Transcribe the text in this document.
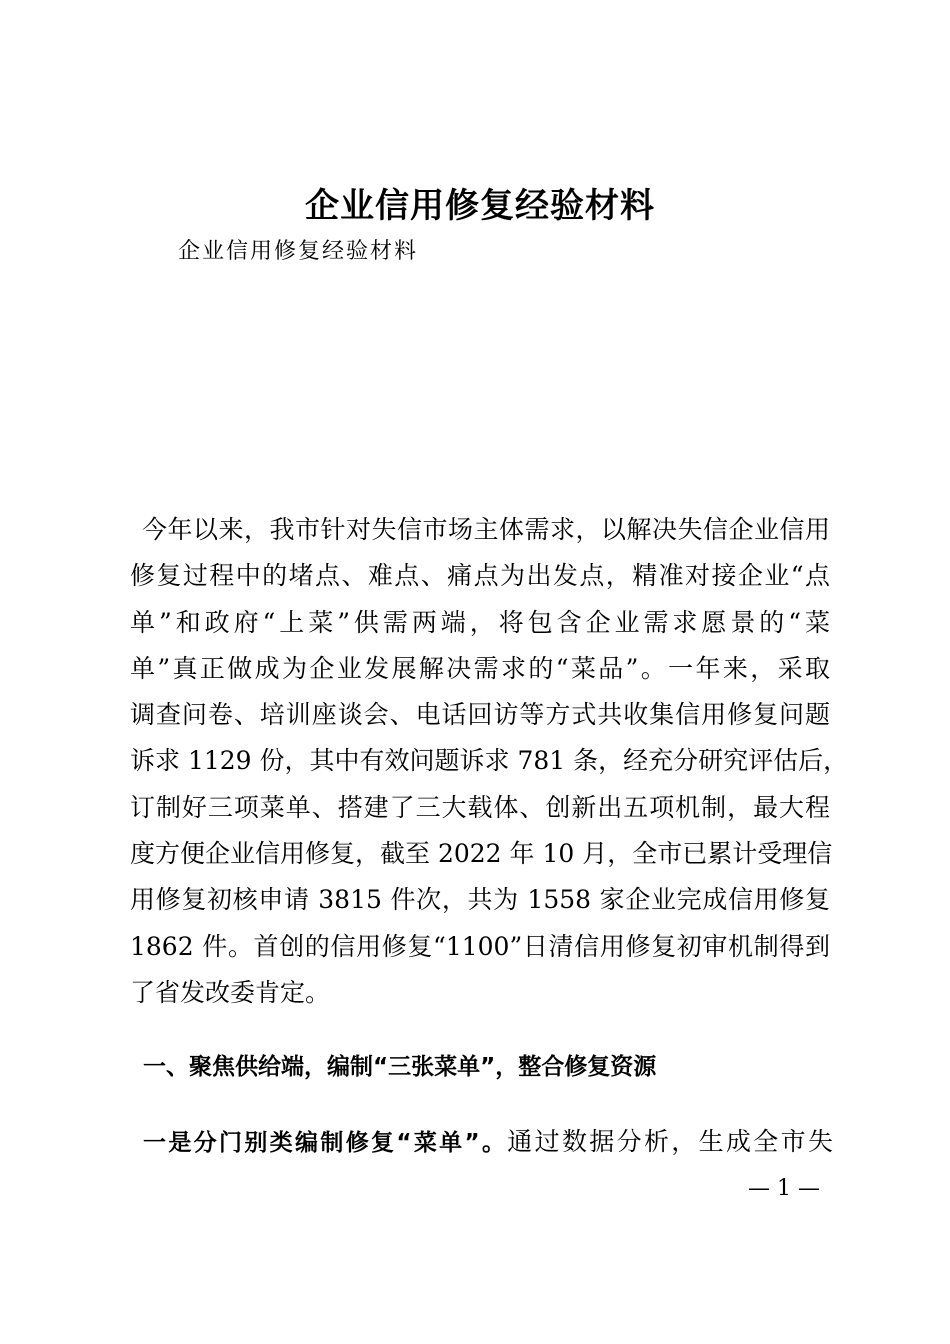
企业信用修复经验材料
企业信用修复经验材料
今年以来，我市针对失信市场主体需求，以解决失信企业信用
修复过程中的堵点、难点、痛点为出发点，精准对接企业“点
单”和政府“上菜”供需两端，将包含企业需求愿景的“菜
单”真正做成为企业发展解决需求的“菜品”。一年来，采取
调查问卷、培训座谈会、电话回访等方式共收集信用修复问题
诉求 1129 份，其中有效问题诉求 781 条，经充分研究评估后，
订制好三项菜单、搭建了三大载体、创新出五项机制，最大程
度方便企业信用修复，截至 2022 年 10 月，全市已累计受理信
用修复初核申请 3815 件次，共为 1558 家企业完成信用修复
1862 件。首创的信用修复“1100”日清信用修复初审机制得到
了省发改委肯定。
一、聚焦供给端，编制“三张菜单”，整合修复资源
一是分门别类编制修复“菜单”。通过数据分析，生成全市失
— 1 —
